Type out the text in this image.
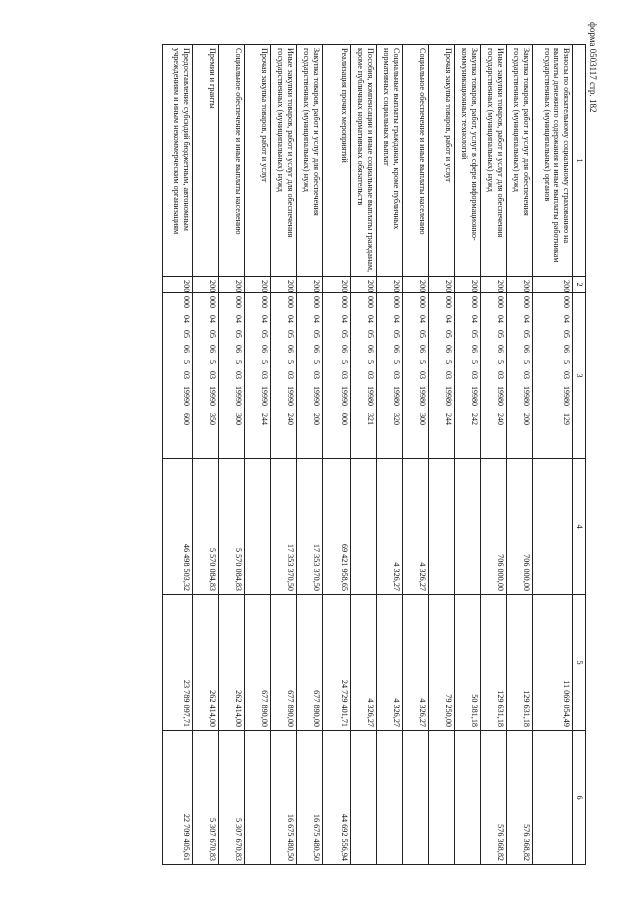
форма 0503117 стр. 182
1	2	3	4	5	6
Взносы по обязательному социальному страхованию на выплаты денежного содержания и иные выплаты работникам государственных (муниципальных) органов	200	00004050650319980129		11 069 054,49	
Закупка товаров, работ и услуг для обеспечения государственных (муниципальных) нужд	200	00004050650319980200	706 000,00	129 631,18	576 368,82
Иные закупки товаров, работ и услуг для обеспечения государственных (муниципальных) нужд	200	00004050650319980240	706 000,00	129 631,18	576 368,82
Закупка товаров, работ, услуг в сфере информационно-коммуникационных технологий	200	00004050650319980242		50 381,18	
Прочая закупка товаров, работ и услуг	200	00004050650319980244		79 250,00	
Социальное обеспечение и иные выплаты населению	200	00004050650319980300	4 326,27	4 326,27	
Социальные выплаты гражданам, кроме публичных нормативных социальных выплат	200	00004050650319980320	4 326,27	4 326,27	
Пособия, компенсации и иные социальные выплаты гражданам, кроме публичных нормативных обязательств	200	00004050650319980321		4 326,27	
Реализация прочих мероприятий	200	00004050650319990000	69 421 958,65	24 729 401,71	44 692 556,94
Закупка товаров, работ и услуг для обеспечения государственных (муниципальных) нужд	200	00004050650319990200	17 353 370,50	677 890,00	16 675 480,50
Иные закупки товаров, работ и услуг для обеспечения государственных (муниципальных) нужд	200	00004050650319990240	17 353 370,50	677 890,00	16 675 480,50
Прочая закупка товаров, работ и услуг	200	00004050650319990244		677 890,00	
Социальное обеспечение и иные выплаты населению	200	00004050650319990300	5 570 084,83	262 414,00	5 307 670,83
Премии и гранты	200	00004050650319990350	5 570 084,83	262 414,00	5 307 670,83
Предоставление субсидий бюджетным, автономным учреждениям и иным некоммерческим организациям	200	00004050650319990600	46 498 503,32	23 789 097,71	22 709 405,61
